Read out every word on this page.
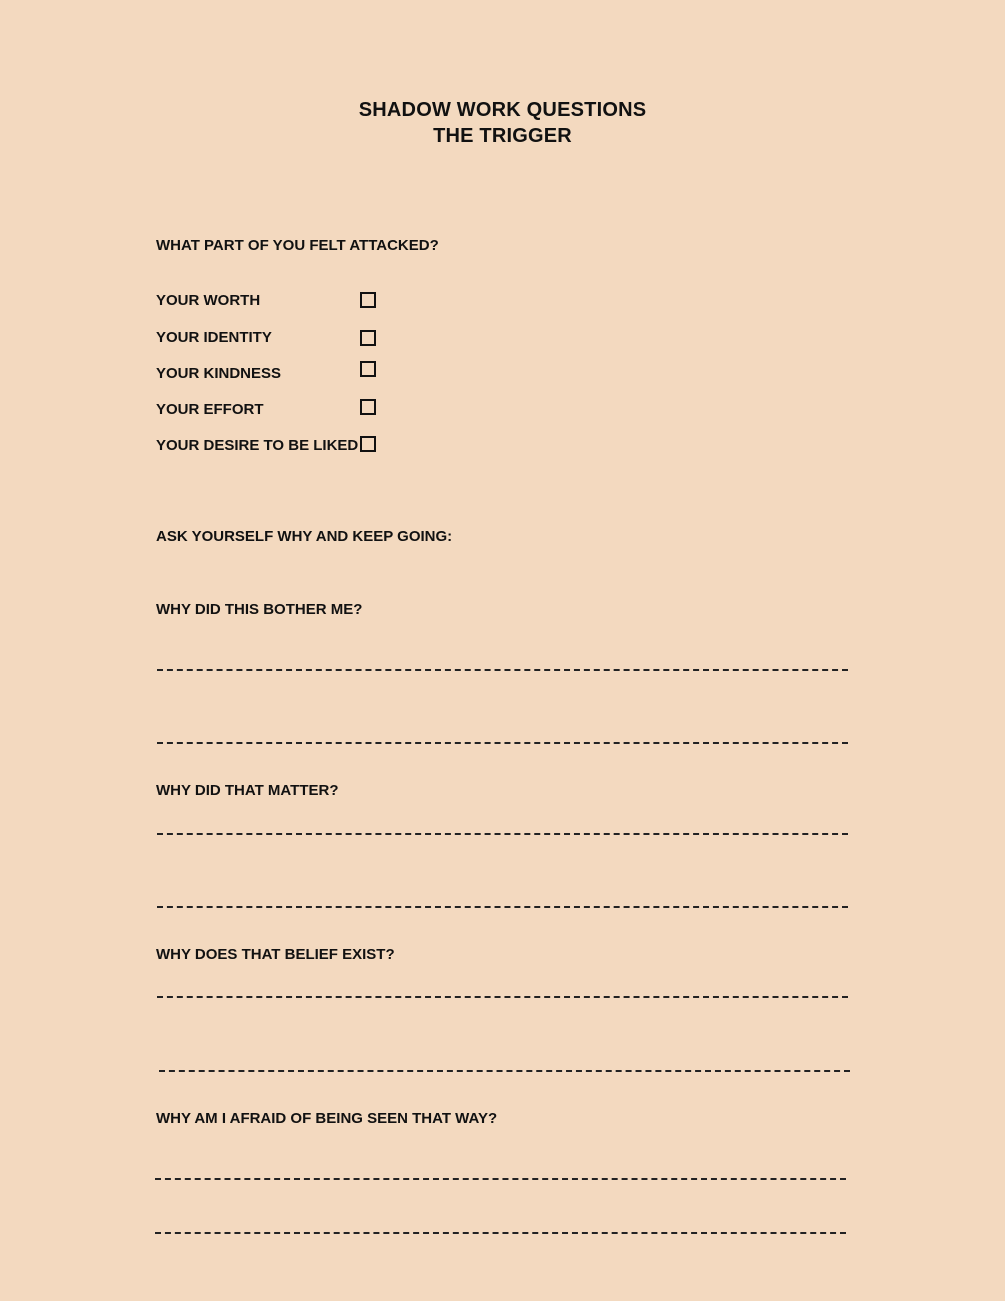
SHADOW WORK QUESTIONS
THE TRIGGER

WHAT PART OF YOU FELT ATTACKED?

YOUR WORTH

YOUR IDENTITY

YOUR KINDNESS

YOUR EFFORT

YOUR DESIRE TO BE LIKED

ASK YOURSELF WHY AND KEEP GOING:

WHY DID THIS BOTHER ME?

WHY DID THAT MATTER?

WHY DOES THAT BELIEF EXIST?

WHY AM I AFRAID OF BEING SEEN THAT WAY?
